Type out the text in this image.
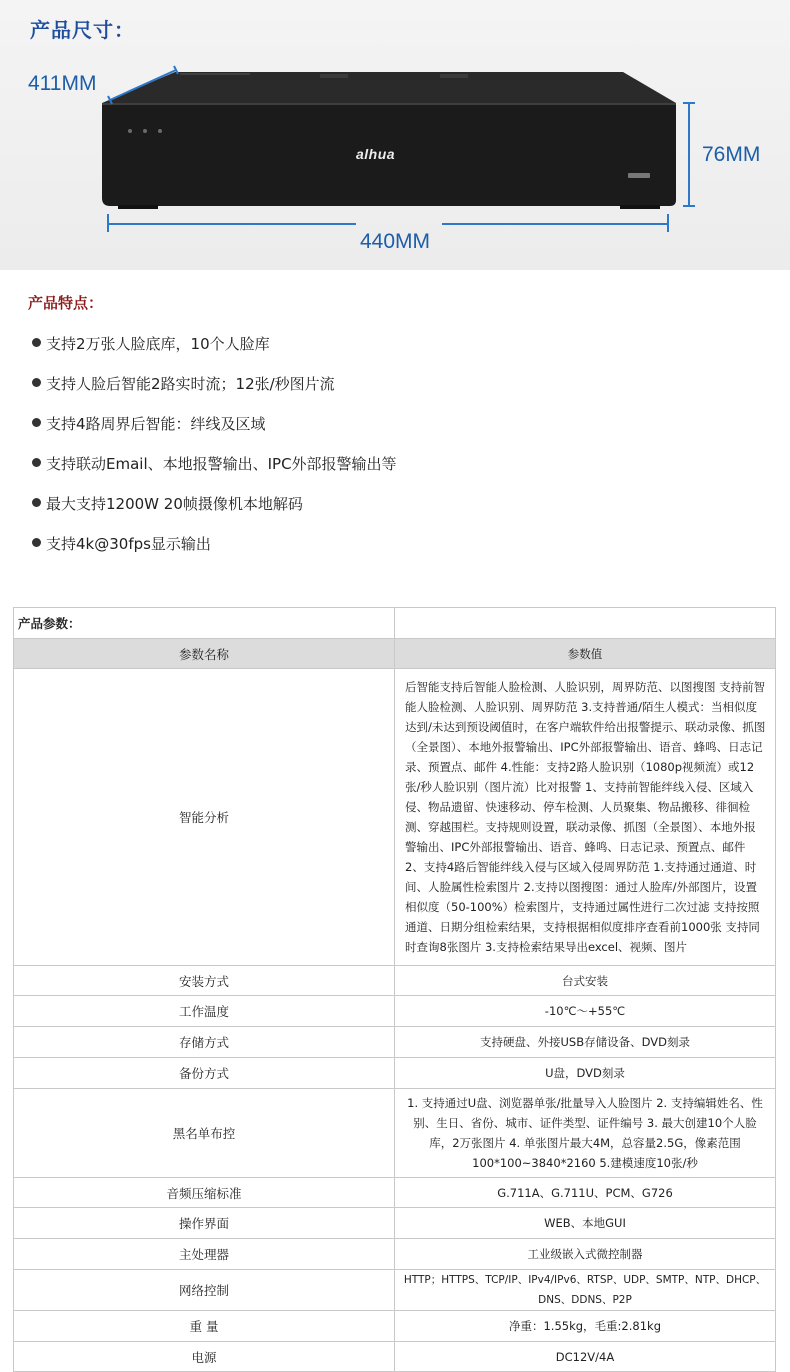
产品尺寸：
alhua
411MM
76MM
440MM
产品特点：
支持2万张人脸底库，10个人脸库
支持人脸后智能2路实时流；12张/秒图片流
支持4路周界后智能：绊线及区域
支持联动Email、本地报警输出、IPC外部报警输出等
最大支持1200W 20帧摄像机本地解码
支持4k@30fps显示输出
产品参数：	
参数名称	参数值
智能分析	后智能支持后智能人脸检测、人脸识别，周界防范、以图搜图 支持前智能人脸检测、人脸识别、周界防范 3.支持普通/陌生人模式：当相似度达到/未达到预设阈值时，在客户端软件给出报警提示、联动录像、抓图（全景图）、本地外报警输出、IPC外部报警输出、语音、蜂鸣、日志记录、预置点、邮件 4.性能：支持2路人脸识别（1080p视频流）或12张/秒人脸识别（图片流）比对报警 1、支持前智能绊线入侵、区域入侵、物品遗留、快速移动、停车检测、人员聚集、物品搬移、徘徊检测、穿越围栏。支持规则设置，联动录像、抓图（全景图）、本地外报警输出、IPC外部报警输出、语音、蜂鸣、日志记录、预置点、邮件 2、支持4路后智能绊线入侵与区域入侵周界防范 1.支持通过通道、时间、人脸属性检索图片 2.支持以图搜图：通过人脸库/外部图片，设置相似度（50-100%）检索图片，支持通过属性进行二次过滤 支持按照通道、日期分组检索结果，支持根据相似度排序查看前1000张 支持同时查询8张图片 3.支持检索结果导出excel、视频、图片
安装方式	台式安装
工作温度	-10℃～+55℃
存储方式	支持硬盘、外接USB存储设备、DVD刻录
备份方式	U盘，DVD刻录
黑名单布控	1. 支持通过U盘、浏览器单张/批量导入人脸图片 2. 支持编辑姓名、性别、生日、省份、城市、证件类型、证件编号 3. 最大创建10个人脸库，2万张图片 4. 单张图片最大4M，总容量2.5G，像素范围100*100~3840*2160 5.建模速度10张/秒
音频压缩标准	G.711A、G.711U、PCM、G726
操作界面	WEB、本地GUI
主处理器	工业级嵌入式微控制器
网络控制	HTTP；HTTPS、TCP/IP、IPv4/IPv6、RTSP、UDP、SMTP、NTP、DHCP、DNS、DDNS、P2P
重 量	净重：1.55kg，毛重:2.81kg
电源	DC12V/4A
